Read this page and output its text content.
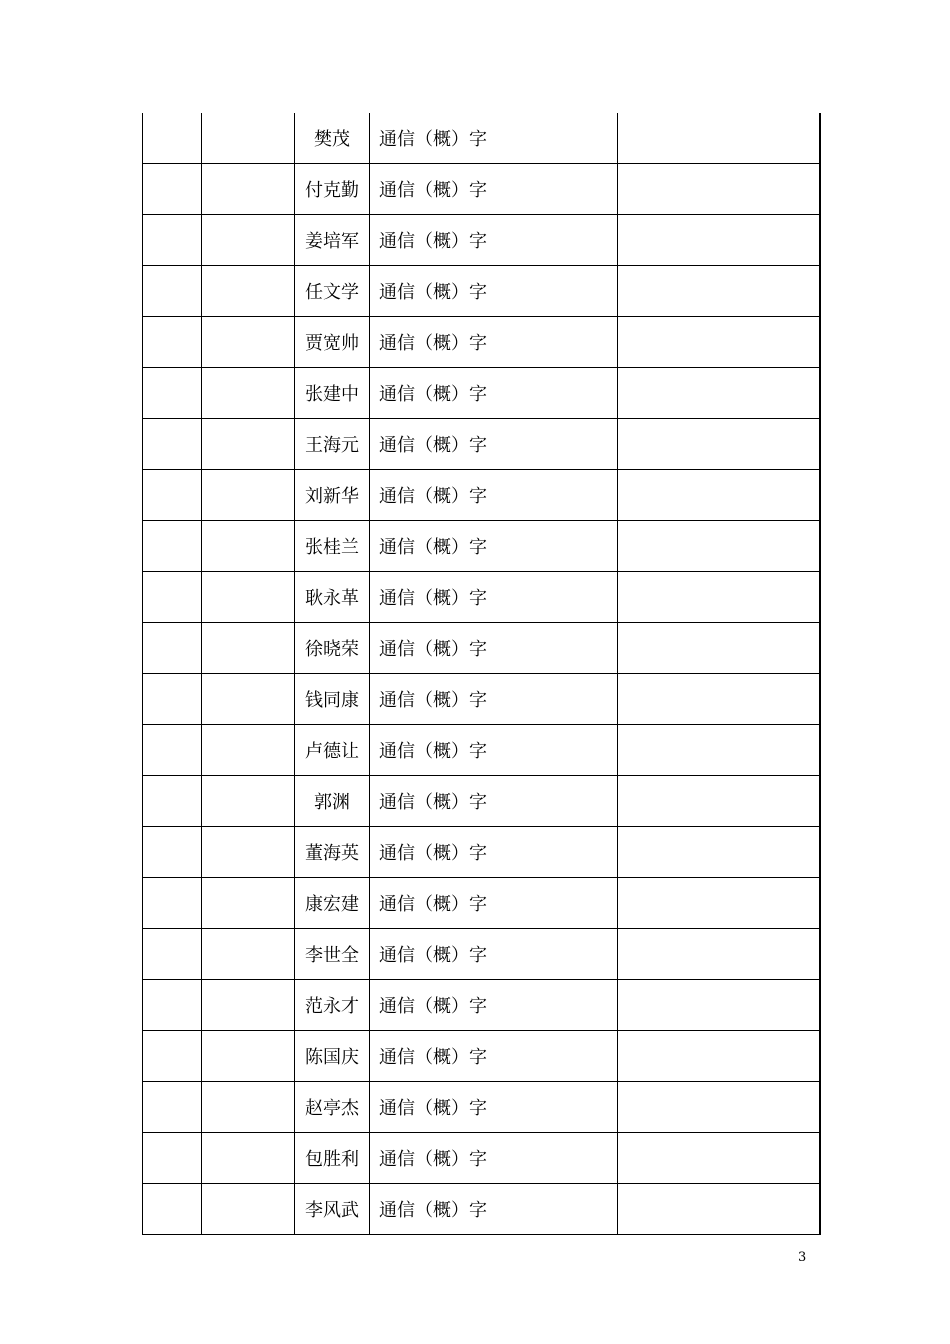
		樊茂	通信（概）字	
		付克勤	通信（概）字	
		姜培军	通信（概）字	
		任文学	通信（概）字	
		贾宽帅	通信（概）字	
		张建中	通信（概）字	
		王海元	通信（概）字	
		刘新华	通信（概）字	
		张桂兰	通信（概）字	
		耿永革	通信（概）字	
		徐晓荣	通信（概）字	
		钱同康	通信（概）字	
		卢德让	通信（概）字	
		郭渊	通信（概）字	
		董海英	通信（概）字	
		康宏建	通信（概）字	
		李世全	通信（概）字	
		范永才	通信（概）字	
		陈国庆	通信（概）字	
		赵亭杰	通信（概）字	
		包胜利	通信（概）字	
		李风武	通信（概）字	
3
